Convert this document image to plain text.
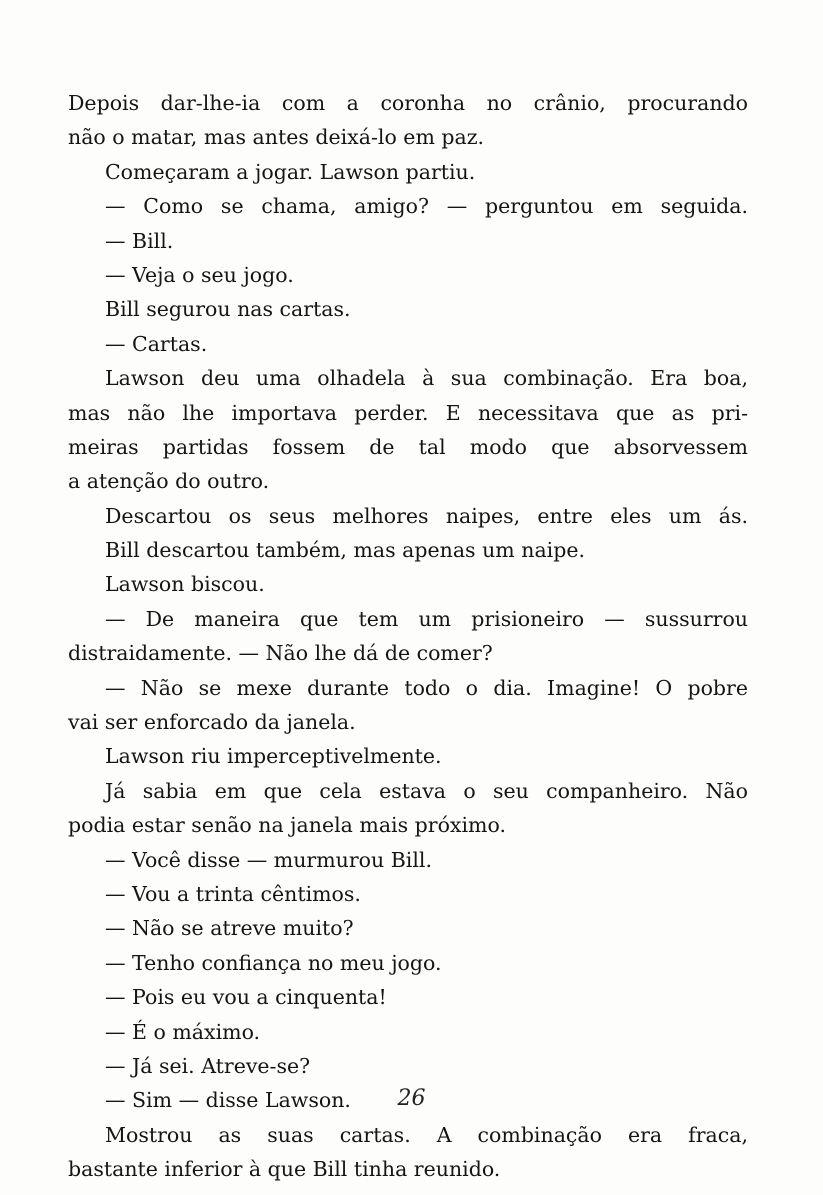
Depois dar-lhe-ia com a coronha no crânio, procurando
não o matar, mas antes deixá-lo em paz.
Começaram a jogar. Lawson partiu.
— Como se chama, amigo? — perguntou em seguida.
— Bill.
— Veja o seu jogo.
Bill segurou nas cartas.
— Cartas.
Lawson deu uma olhadela à sua combinação. Era boa,
mas não lhe importava perder. E necessitava que as pri-
meiras partidas fossem de tal modo que absorvessem
a atenção do outro.
Descartou os seus melhores naipes, entre eles um ás.
Bill descartou também, mas apenas um naipe.
Lawson biscou.
— De maneira que tem um prisioneiro — sussurrou
distraidamente. — Não lhe dá de comer?
— Não se mexe durante todo o dia. Imagine! O pobre
vai ser enforcado da janela.
Lawson riu imperceptivelmente.
Já sabia em que cela estava o seu companheiro. Não
podia estar senão na janela mais próximo.
— Você disse — murmurou Bill.
— Vou a trinta cêntimos.
— Não se atreve muito?
— Tenho confiança no meu jogo.
— Pois eu vou a cinquenta!
— É o máximo.
— Já sei. Atreve-se?
— Sim — disse Lawson.
Mostrou as suas cartas. A combinação era fraca,
bastante inferior à que Bill tinha reunido.
26
